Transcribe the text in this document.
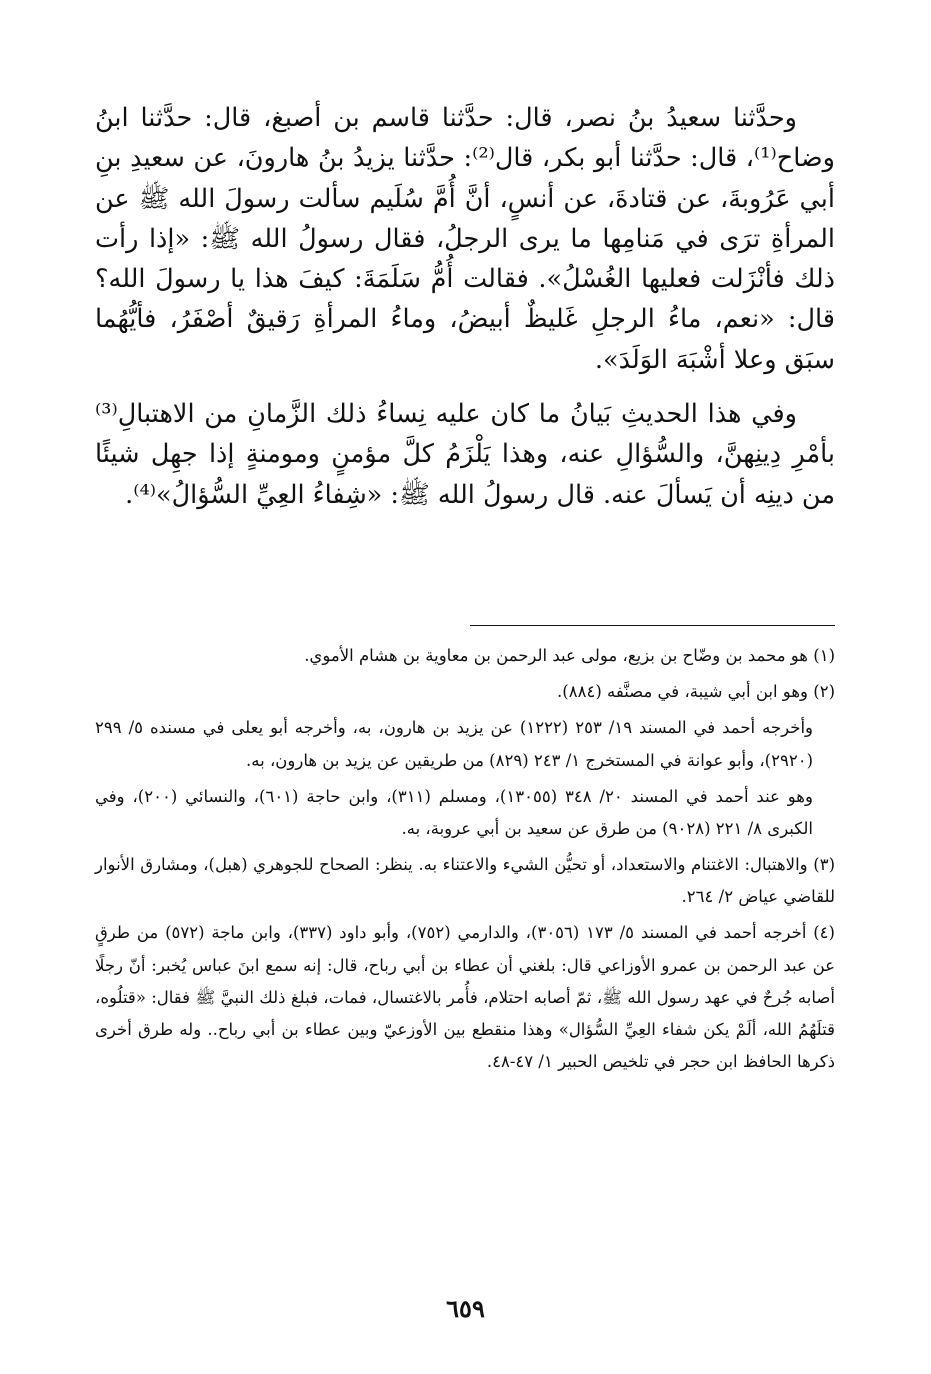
وحدَّثنا سعيدُ بنُ نصر، قال: حدَّثنا قاسم بن أصبغ، قال: حدَّثنا ابنُ وضاح⁽¹⁾، قال: حدَّثنا أبو بكر، قال⁽²⁾: حدَّثنا يزيدُ بنُ هارونَ، عن سعيدِ بنِ أبي عَرُوبةَ، عن قتادةَ، عن أنسٍ، أنَّ أُمَّ سُلَيم سألت رسولَ الله ﷺ عن المرأةِ ترَى في مَنامِها ما يرى الرجلُ، فقال رسولُ الله ﷺ: «إذا رأت ذلك فأنْزَلت فعليها الغُسْلُ». فقالت أُمُّ سَلَمَةَ: كيفَ هذا يا رسولَ الله؟ قال: «نعم، ماءُ الرجلِ غَليظٌ أبيضُ، وماءُ المرأةِ رَقيقٌ أصْفَرُ، فأيُّهُما سبَق وعلا أشْبَهَ الوَلَدَ».

وفي هذا الحديثِ بَيانُ ما كان عليه نِساءُ ذلك الزَّمانِ من الاهتبالِ⁽³⁾ بأمْرِ دِينِهنَّ، والسُّؤالِ عنه، وهذا يَلْزَمُ كلَّ مؤمنٍ ومومنةٍ إذا جهِل شيئًا من دينِه أن يَسألَ عنه. قال رسولُ الله ﷺ: «شِفاءُ العِيِّ السُّؤالُ»⁽⁴⁾.

(١) هو محمد بن وضّاح بن بزيع، مولى عبد الرحمن بن معاوية بن هشام الأموي.
(٢) وهو ابن أبي شيبة، في مصنَّفه (٨٨٤).
وأخرجه أحمد في المسند ١٩/ ٢٥٣ (١٢٢٢) عن يزيد بن هارون، به، وأخرجه أبو يعلى في مسنده ٥/ ٢٩٩ (٢٩٢٠)، وأبو عوانة في المستخرج ١/ ٢٤٣ (٨٢٩) من طريقين عن يزيد بن هارون، به.
وهو عند أحمد في المسند ٢٠/ ٣٤٨ (١٣٠٥٥)، ومسلم (٣١١)، وابن حاجة (٦٠١)، والنسائي (٢٠٠)، وفي الكبرى ٨/ ٢٢١ (٩٠٢٨) من طرق عن سعيد بن أبي عروبة، به.
(٣) والاهتبال: الاغتنام والاستعداد، أو تحيُّن الشيء والاعتناء به. ينظر: الصحاح للجوهري (هبل)، ومشارق الأنوار للقاضي عياض ٢/ ٢٦٤.
(٤) أخرجه أحمد في المسند ٥/ ١٧٣ (٣٠٥٦)، والدارمي (٧٥٢)، وأبو داود (٣٣٧)، وابن ماجة (٥٧٢) من طرقٍ عن عبد الرحمن بن عمرو الأوزاعي قال: بلغني أن عطاء بن أبي رباح، قال: إنه سمع ابنَ عباس يُخبر: أنّ رجلًا أصابه جُرحٌ في عهد رسول الله ﷺ، ثمّ أصابه احتلام، فأُمر بالاغتسال، فمات، فبلغ ذلك النبيَّ ﷺ فقال: «قتلُوه، قتلَهُمُ الله، ألَمْ يكن شفاء العِيِّ السُّؤال» وهذا منقطع بين الأوزعيّ وبين عطاء بن أبي رباح.. وله طرق أخرى ذكرها الحافظ ابن حجر في تلخيص الحبير ١/ ٤٧-٤٨.
٦٥٩
